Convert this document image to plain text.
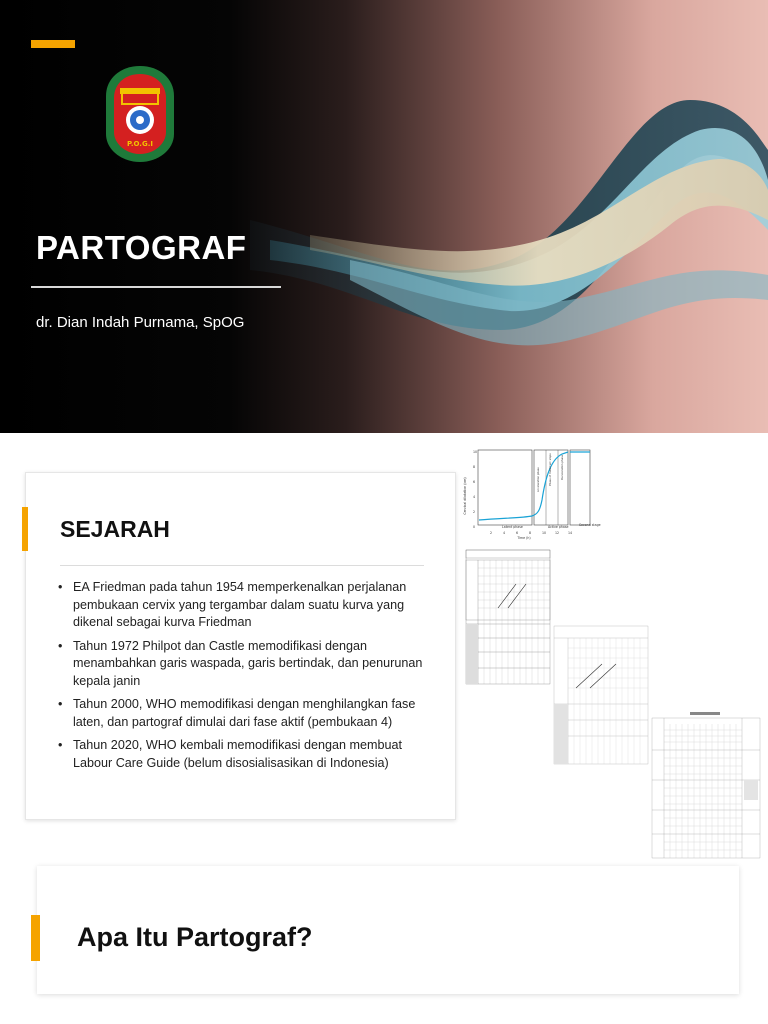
P.O.G.I
PARTOGRAF
dr. Dian Indah Purnama, SpOG
SEJARAH
• EA Friedman pada tahun 1954 memperkenalkan perjalanan pembukaan cervix yang tergambar dalam suatu kurva yang dikenal sebagai kurva Friedman
• Tahun 1972 Philpot dan Castle memodifikasi dengan menambahkan garis waspada, garis bertindak, dan penurunan kepala janin
• Tahun 2000, WHO memodifikasi dengan menghilangkan fase laten, dan partograf dimulai dari fase aktif (pembukaan 4)
• Tahun 2020, WHO kembali memodifikasi dengan membuat Labour Care Guide (belum disosialisasikan di Indonesia)
Cervical dilatation (cm)
10
8
6
4
2
0
2	4	6	8	10	12	14
Time (h)
Latent phase	Active phase	Second stage
Acceleration phase	Phase of maximum slope	Deceleration phase
Apa Itu Partograf?
